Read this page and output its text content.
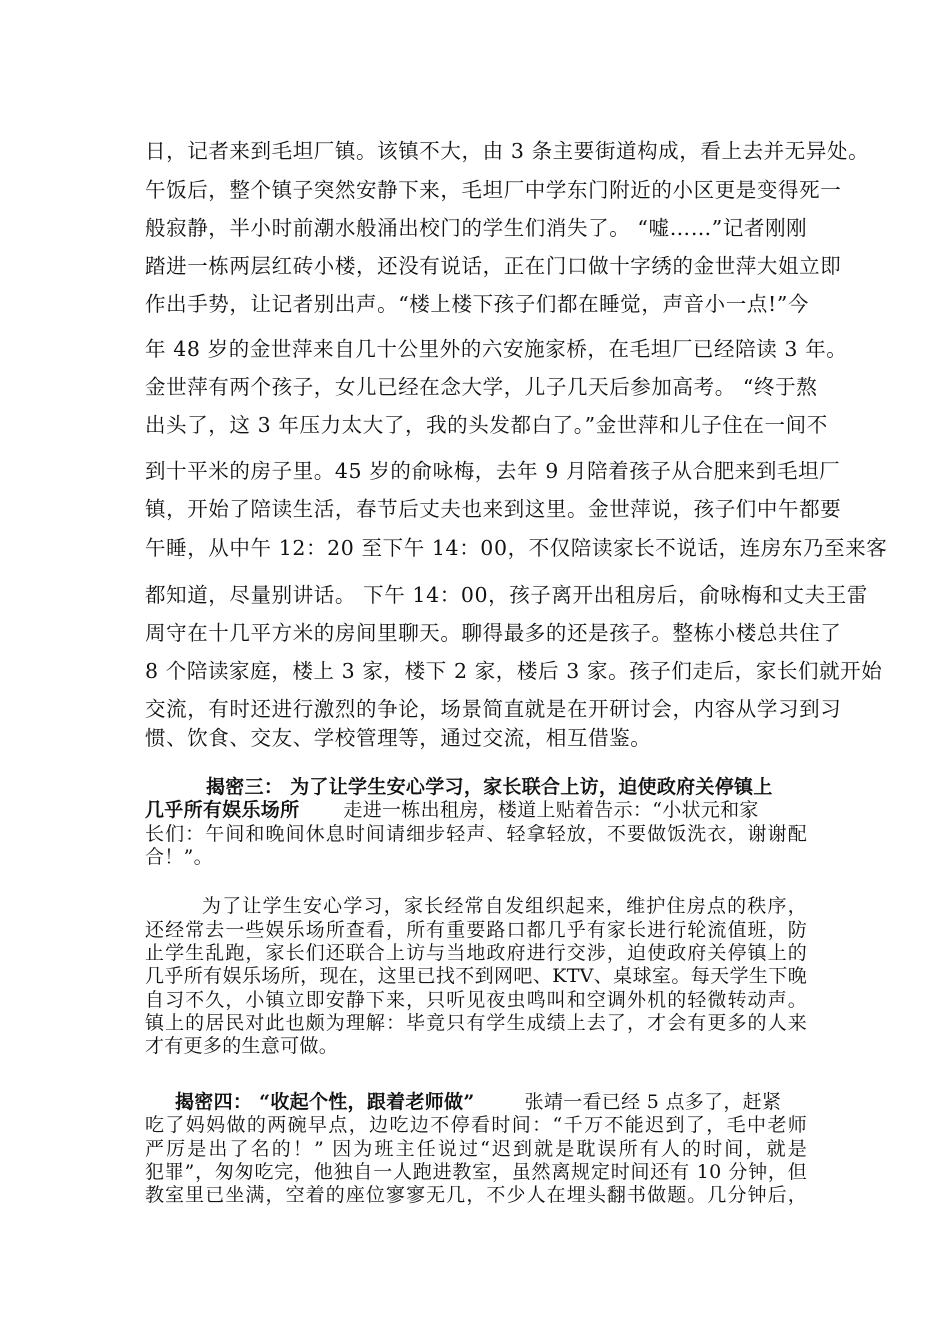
日，记者来到毛坦厂镇。该镇不大，由 3 条主要街道构成，看上去并无异处。
午饭后，整个镇子突然安静下来，毛坦厂中学东门附近的小区更是变得死一
般寂静，半小时前潮水般涌出校门的学生们消失了。 “嘘……”记者刚刚
踏进一栋两层红砖小楼，还没有说话，正在门口做十字绣的金世萍大姐立即
作出手势，让记者别出声。“楼上楼下孩子们都在睡觉，声音小一点!”今
年 48 岁的金世萍来自几十公里外的六安施家桥，在毛坦厂已经陪读 3 年。
金世萍有两个孩子，女儿已经在念大学，儿子几天后参加高考。 “终于熬
出头了，这 3 年压力太大了，我的头发都白了。”金世萍和儿子住在一间不
到十平米的房子里。45 岁的俞咏梅，去年 9 月陪着孩子从合肥来到毛坦厂
镇，开始了陪读生活，春节后丈夫也来到这里。金世萍说，孩子们中午都要
午睡，从中午 12：20 至下午 14：00，不仅陪读家长不说话，连房东乃至来客
都知道，尽量别讲话。 下午 14：00，孩子离开出租房后，俞咏梅和丈夫王雷
周守在十几平方米的房间里聊天。聊得最多的还是孩子。整栋小楼总共住了
8 个陪读家庭，楼上 3 家，楼下 2 家，楼后 3 家。孩子们走后，家长们就开始
交流，有时还进行激烈的争论，场景简直就是在开研讨会，内容从学习到习
惯、饮食、交友、学校管理等，通过交流，相互借鉴。
揭密三： 为了让学生安心学习，家长联合上访，迫使政府关停镇上
几乎所有娱乐场所 走进一栋出租房，楼道上贴着告示：“小状元和家
长们：午间和晚间休息时间请细步轻声、轻拿轻放，不要做饭洗衣，谢谢配
合！”。
为了让学生安心学习，家长经常自发组织起来，维护住房点的秩序，
还经常去一些娱乐场所查看，所有重要路口都几乎有家长进行轮流值班，防
止学生乱跑，家长们还联合上访与当地政府进行交涉，迫使政府关停镇上的
几乎所有娱乐场所，现在，这里已找不到网吧、KTV、桌球室。每天学生下晚
自习不久，小镇立即安静下来，只听见夜虫鸣叫和空调外机的轻微转动声。
镇上的居民对此也颇为理解：毕竟只有学生成绩上去了，才会有更多的人来
才有更多的生意可做。
揭密四： “收起个性，跟着老师做”	张靖一看已经 5 点多了，赶紧
吃了妈妈做的两碗早点，边吃边不停看时间：“千万不能迟到了，毛中老师
严厉是出了名的！” 因为班主任说过“迟到就是耽误所有人的时间，就是
犯罪”，匆匆吃完，他独自一人跑进教室，虽然离规定时间还有 10 分钟，但
教室里已坐满，空着的座位寥寥无几，不少人在埋头翻书做题。几分钟后，
